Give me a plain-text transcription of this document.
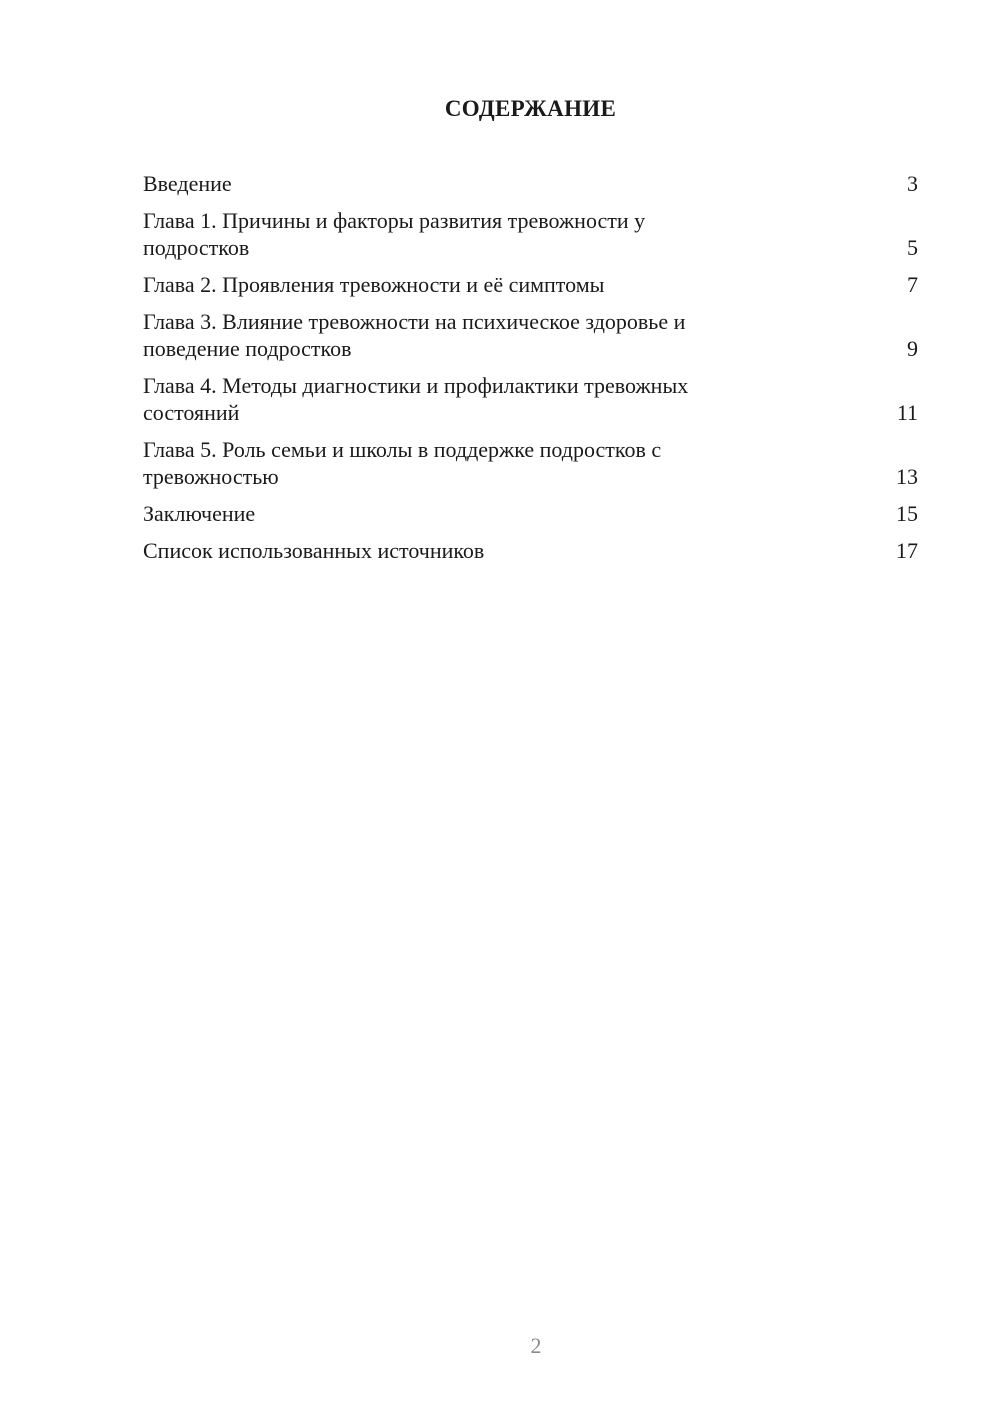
СОДЕРЖАНИЕ
Введение	3
Глава 1. Причины и факторы развития тревожности у
подростков	5
Глава 2. Проявления тревожности и её симптомы	7
Глава 3. Влияние тревожности на психическое здоровье и
поведение подростков	9
Глава 4. Методы диагностики и профилактики тревожных
состояний	11
Глава 5. Роль семьи и школы в поддержке подростков с
тревожностью	13
Заключение	15
Список использованных источников	17
2
